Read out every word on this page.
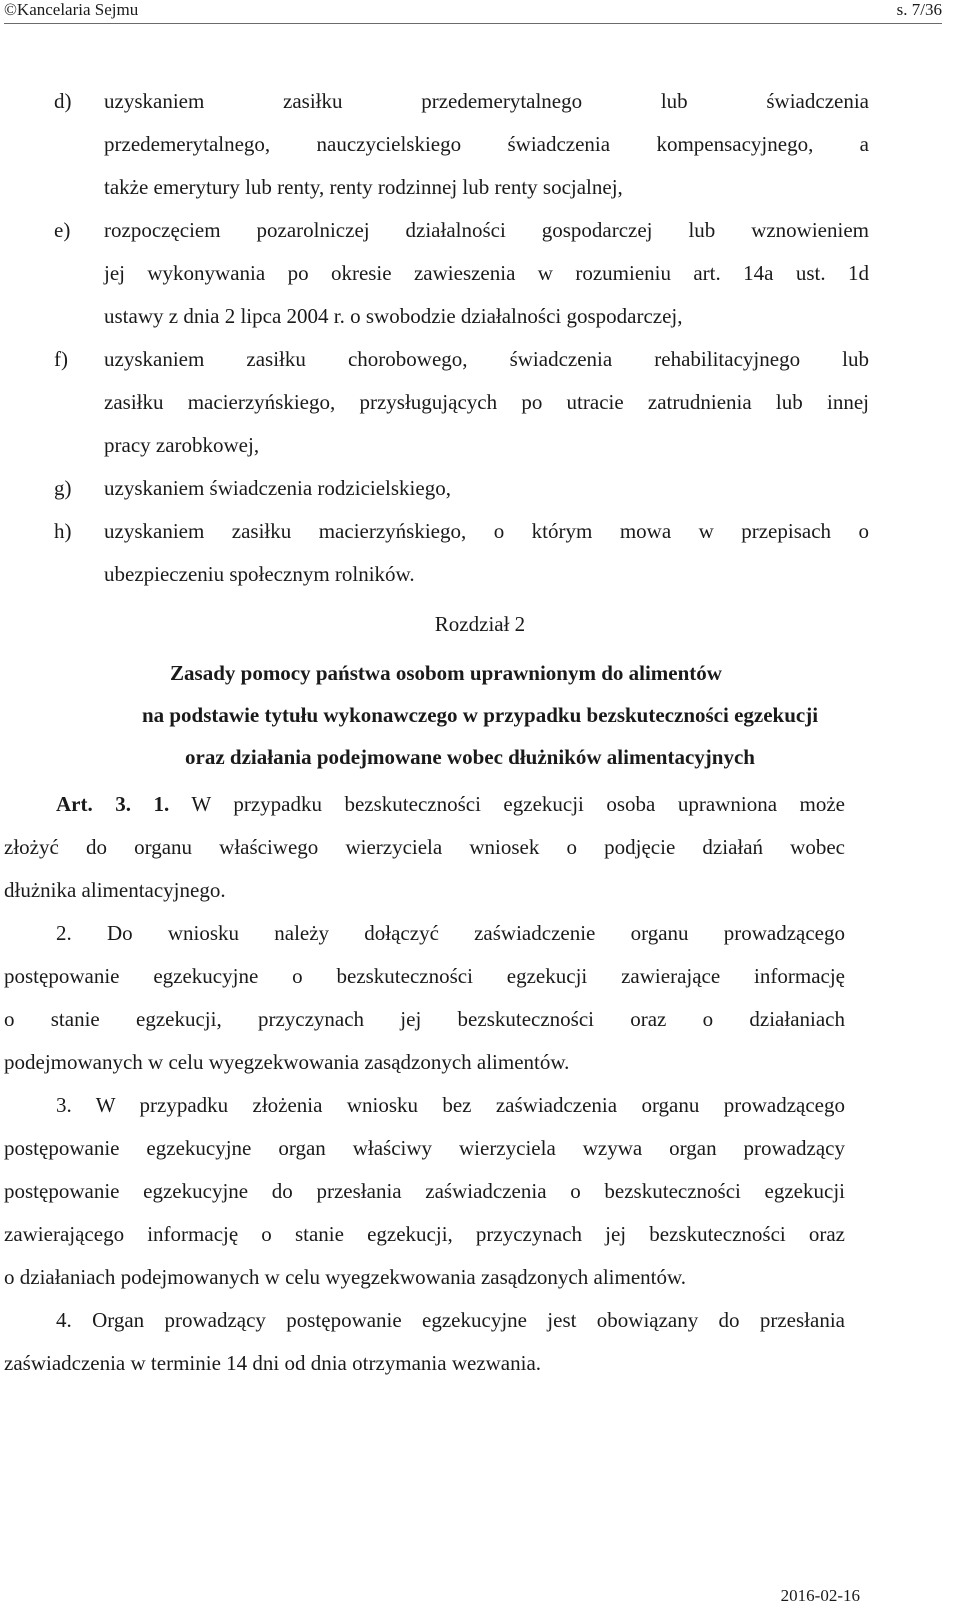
©Kancelaria Sejmu	s. 7/36
d) uzyskaniem zasiłku przedemerytalnego lub świadczenia
przedemerytalnego, nauczycielskiego świadczenia kompensacyjnego, a
także emerytury lub renty, renty rodzinnej lub renty socjalnej,
e) rozpoczęciem pozarolniczej działalności gospodarczej lub wznowieniem
jej wykonywania po okresie zawieszenia w rozumieniu art. 14a ust. 1d
ustawy z dnia 2 lipca 2004 r. o swobodzie działalności gospodarczej,
f) uzyskaniem zasiłku chorobowego, świadczenia rehabilitacyjnego lub
zasiłku macierzyńskiego, przysługujących po utracie zatrudnienia lub innej
pracy zarobkowej,
g) uzyskaniem świadczenia rodzicielskiego,
h) uzyskaniem zasiłku macierzyńskiego, o którym mowa w przepisach o
ubezpieczeniu społecznym rolników.
Rozdział 2
Zasady pomocy państwa osobom uprawnionym do alimentów
na podstawie tytułu wykonawczego w przypadku bezskuteczności egzekucji
oraz działania podejmowane wobec dłużników alimentacyjnych
Art. 3. 1. W przypadku bezskuteczności egzekucji osoba uprawniona może
złożyć do organu właściwego wierzyciela wniosek o podjęcie działań wobec
dłużnika alimentacyjnego.
2. Do wniosku należy dołączyć zaświadczenie organu prowadzącego
postępowanie egzekucyjne o bezskuteczności egzekucji zawierające informację
o stanie egzekucji, przyczynach jej bezskuteczności oraz o działaniach
podejmowanych w celu wyegzekwowania zasądzonych alimentów.
3. W przypadku złożenia wniosku bez zaświadczenia organu prowadzącego
postępowanie egzekucyjne organ właściwy wierzyciela wzywa organ prowadzący
postępowanie egzekucyjne do przesłania zaświadczenia o bezskuteczności egzekucji
zawierającego informację o stanie egzekucji, przyczynach jej bezskuteczności oraz
o działaniach podejmowanych w celu wyegzekwowania zasądzonych alimentów.
4. Organ prowadzący postępowanie egzekucyjne jest obowiązany do przesłania
zaświadczenia w terminie 14 dni od dnia otrzymania wezwania.
2016-02-16
